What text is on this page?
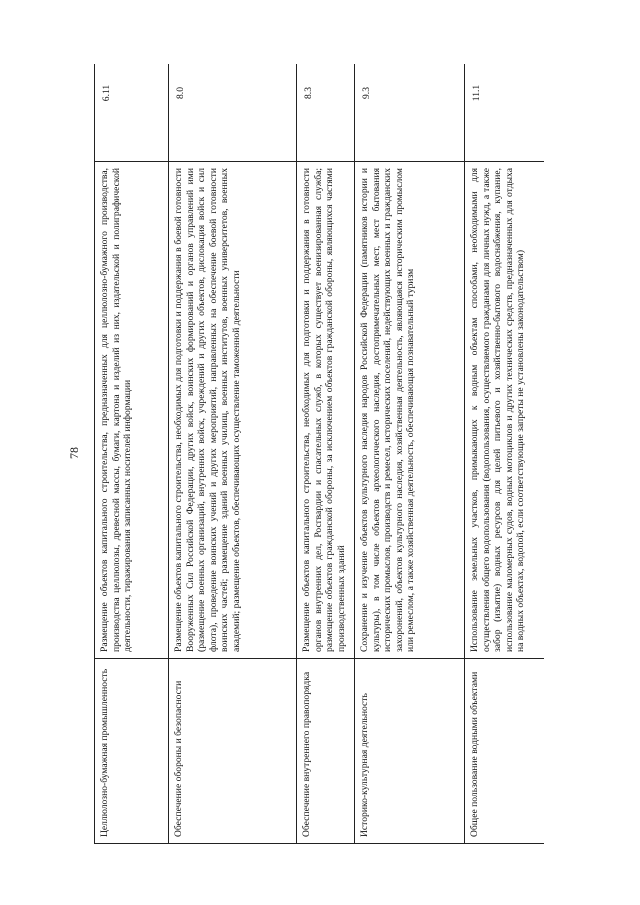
78
Целлюлозно-бумажная промышленность	Размещение объектов капитального строительства, предназначенных для целлюлозно-бумажного производства, производства целлюлозы, древесной массы, бумаги, картона и изделий из них, издательской и полиграфической деятельности, тиражирования записанных носителей информации	6.11
Обеспечение обороны и безопасности	Размещение объектов капитального строительства, необходимых для подготовки и поддержания в боевой готовности Вооруженных Сил Российской Федерации, других войск, воинских формирований и органов управлений ими (размещение военных организаций, внутренних войск, учреждений и других объектов, дислокация войск и сил флота), проведение воинских учений и других мероприятий, направленных на обеспечение боевой готовности воинских частей; размещение зданий военных училищ, военных институтов, военных университетов, военных академий; размещение объектов, обеспечивающих осуществление таможенной деятельности	8.0
Обеспечение внутреннего правопорядка	Размещение объектов капитального строительства, необходимых для подготовки и поддержания в готовности органов внутренних дел, Росгвардии и спасательных служб, в которых существует военизированная служба; размещение объектов гражданской обороны, за исключением объектов гражданской обороны, являющихся частями производственных зданий	8.3
Историко-культурная деятельность	Сохранение и изучение объектов культурного наследия народов Российской Федерации (памятников истории и культуры), в том числе объектов археологического наследия, достопримечательных мест, мест бытования исторических промыслов, производств и ремесел, исторических поселений, недействующих военных и гражданских захоронений, объектов культурного наследия, хозяйственная деятельность, являющаяся историческим промыслом или ремеслом, а также хозяйственная деятельность, обеспечивающая познавательный туризм	9.3
Общее пользование водными объектами	Использование земельных участков, примыкающих к водным объектам способами, необходимыми для осуществления общего водопользования (водопользования, осуществляемого гражданами для личных нужд, а также забор (изъятие) водных ресурсов для целей питьевого и хозяйственно-бытового водоснабжения, купание, использование маломерных судов, водных мотоциклов и других технических средств, предназначенных для отдыха на водных объектах, водопой, если соответствующие запреты не установлены законодательством)	11.1
